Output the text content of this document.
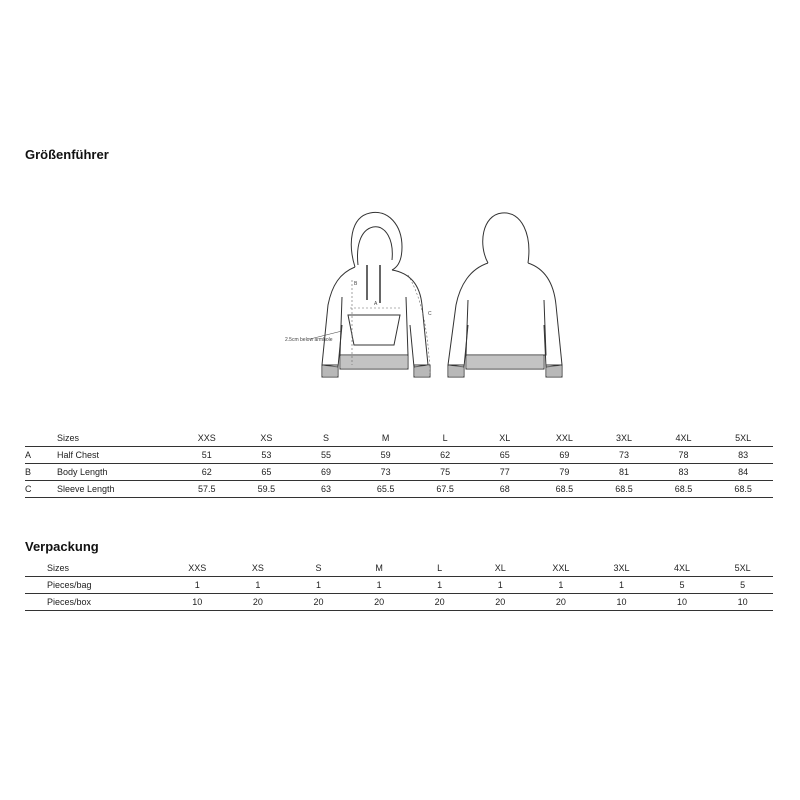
Größenführer
A
B
C
2.5cm below armhole
	Sizes	XXS	XS	S	M	L	XL	XXL	3XL	4XL	5XL
A	Half Chest	51	53	55	59	62	65	69	73	78	83
B	Body Length	62	65	69	73	75	77	79	81	83	84
C	Sleeve Length	57.5	59.5	63	65.5	67.5	68	68.5	68.5	68.5	68.5
Verpackung
	Sizes	XXS	XS	S	M	L	XL	XXL	3XL	4XL	5XL
	Pieces/bag	1	1	1	1	1	1	1	1	5	5
	Pieces/box	10	20	20	20	20	20	20	10	10	10
